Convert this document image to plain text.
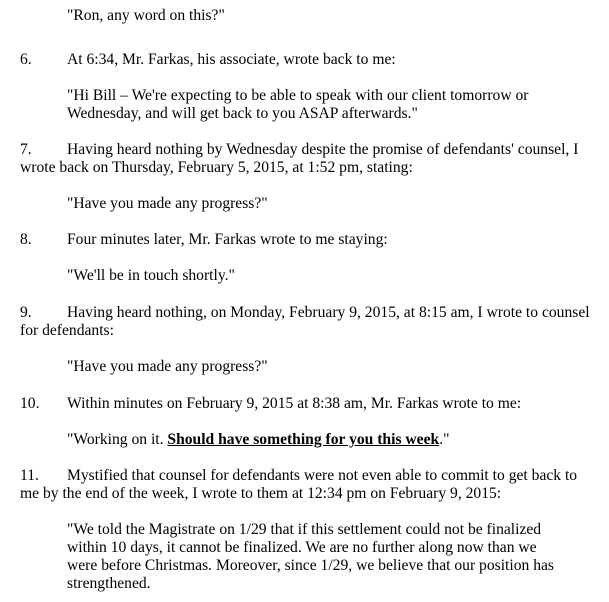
"Ron, any word on this?"

6. At 6:34, Mr. Farkas, his associate, wrote back to me:

"Hi Bill – We're expecting to be able to speak with our client tomorrow or Wednesday, and will get back to you ASAP afterwards."

7. Having heard nothing by Wednesday despite the promise of defendants' counsel, I wrote back on Thursday, February 5, 2015, at 1:52 pm, stating:

"Have you made any progress?"

8. Four minutes later, Mr. Farkas wrote to me staying:

"We'll be in touch shortly."

9. Having heard nothing, on Monday, February 9, 2015, at 8:15 am, I wrote to counsel for defendants:

"Have you made any progress?"

10. Within minutes on February 9, 2015 at 8:38 am, Mr. Farkas wrote to me:

"Working on it. Should have something for you this week."

11. Mystified that counsel for defendants were not even able to commit to get back to me by the end of the week, I wrote to them at 12:34 pm on February 9, 2015:

"We told the Magistrate on 1/29 that if this settlement could not be finalized within 10 days, it cannot be finalized. We are no further along now than we were before Christmas. Moreover, since 1/29, we believe that our position has strengthened.
